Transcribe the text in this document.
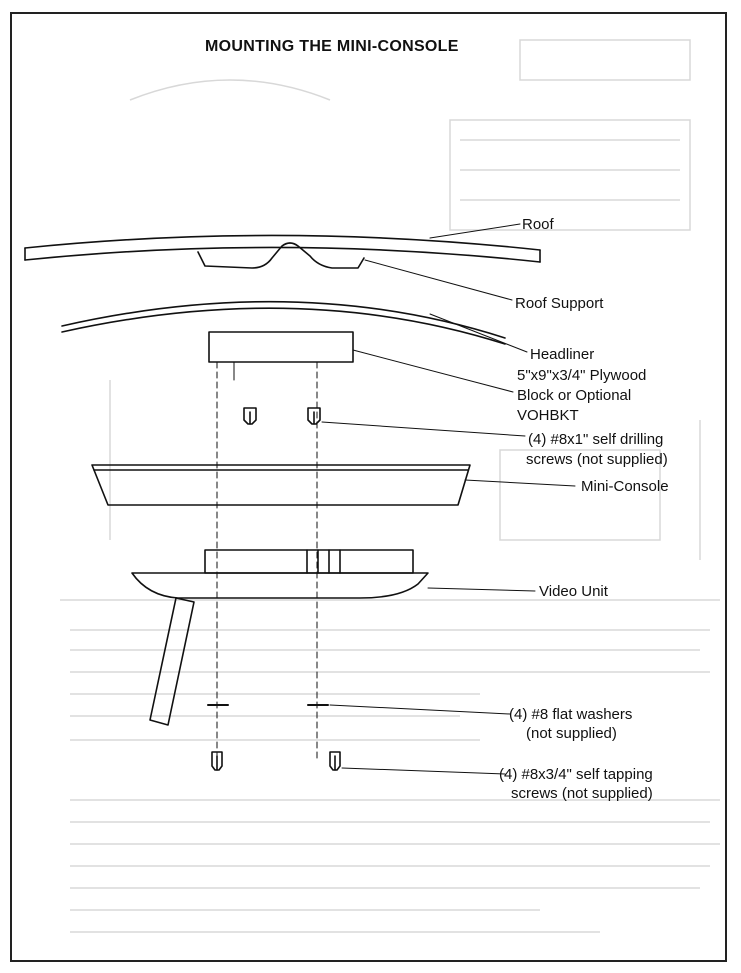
MOUNTING THE MINI-CONSOLE
Roof
Roof Support
Headliner
5"x9"x3/4" Plywood
Block or Optional
VOHBKT
(4) #8x1" self drilling
screws (not supplied)
Mini-Console
Video Unit
(4) #8 flat washers
(not supplied)
(4) #8x3/4" self tapping
screws (not supplied)
